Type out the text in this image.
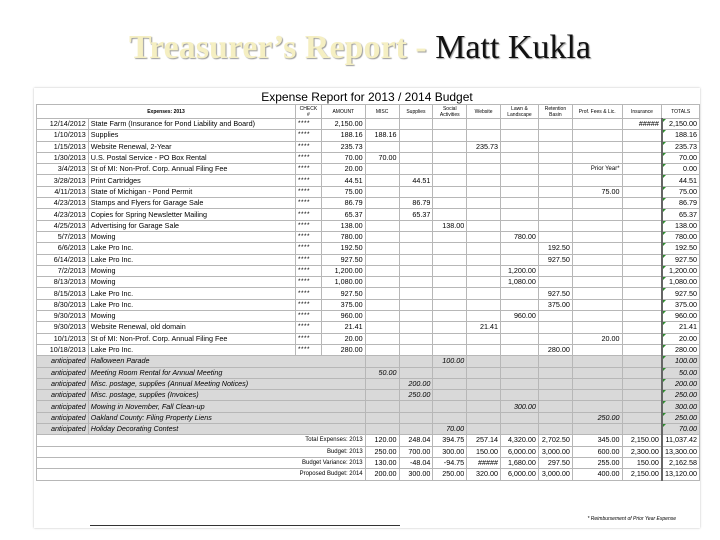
Treasurer’s Report - Matt Kukla
Expense Report for 2013 / 2014 Budget
Expenses: 2013		CHECK #	AMOUNT	MISC	Supplies	Social Activities	Website	Lawn & Landscape	Retention Basin	Prof. Fees & Lic.	Insurance	TOTALS
12/14/2012	State Farm (Insurance for Pond Liability and Board)	****	2,150.00								#####	2,150.00
1/10/2013	Supplies	****	188.16	188.16								188.16
1/15/2013	Website Renewal, 2-Year	****	235.73				235.73					235.73
1/30/2013	U.S. Postal Service - PO Box Rental	****	70.00	70.00								70.00
3/4/2013	St of MI: Non-Prof. Corp. Annual Filing Fee	****	20.00							Prior Year*		0.00
3/28/2013	Print Cartridges	****	44.51		44.51							44.51
4/11/2013	State of Michigan - Pond Permit	****	75.00							75.00		75.00
4/23/2013	Stamps and Flyers for Garage Sale	****	86.79		86.79							86.79
4/23/2013	Copies for Spring Newsletter Mailing	****	65.37		65.37							65.37
4/25/2013	Advertising for Garage Sale	****	138.00			138.00						138.00
5/7/2013	Mowing	****	780.00					780.00				780.00
6/6/2013	Lake Pro Inc.	****	192.50						192.50			192.50
6/14/2013	Lake Pro Inc.	****	927.50						927.50			927.50
7/2/2013	Mowing	****	1,200.00					1,200.00				1,200.00
8/13/2013	Mowing	****	1,080.00					1,080.00				1,080.00
8/15/2013	Lake Pro Inc.	****	927.50						927.50			927.50
8/30/2013	Lake Pro Inc.	****	375.00						375.00			375.00
9/30/2013	Mowing	****	960.00					960.00				960.00
9/30/2013	Website Renewal, old domain	****	21.41				21.41					21.41
10/1/2013	St of MI: Non-Prof. Corp. Annual Filing Fee	****	20.00							20.00		20.00
10/18/2013	Lake Pro Inc.	****	280.00						280.00			280.00
anticipated	Halloween Parade					100.00						100.00
anticipated	Meeting Room Rental for Annual Meeting			50.00								50.00
anticipated	Misc. postage, supplies (Annual Meeting Notices)				200.00							200.00
anticipated	Misc. postage, supplies (Invoices)				250.00							250.00
anticipated	Mowing in November, Fall Clean-up							300.00				300.00
anticipated	Oakland County: Filing Property Liens									250.00		250.00
anticipated	Holiday Decorating Contest					70.00						70.00
Total Expenses: 2013				120.00	248.04	394.75	257.14	4,320.00	2,702.50	345.00	2,150.00	11,037.42
Budget: 2013				250.00	700.00	300.00	150.00	6,000.00	3,000.00	600.00	2,300.00	13,300.00
Budget Variance: 2013				130.00	-48.04	-94.75	#####	1,680.00	297.50	255.00	150.00	2,162.58
Proposed Budget: 2014				200.00	300.00	250.00	320.00	6,000.00	3,000.00	400.00	2,150.00	13,120.00
* Reimbursement of Prior Year Expense
